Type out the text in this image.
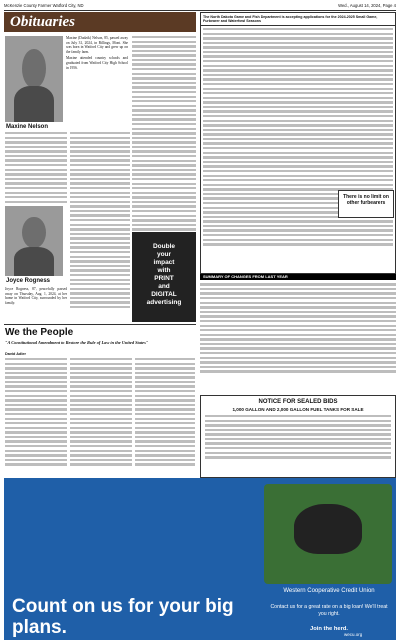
McKenzie County Farmer Watford City, ND	Wed., August 14, 2024, Page 4
Obituaries
Maxine Nelson

Maxine (Dudzik) Nelson, 85, passed away on July 31, 2024, in Billings, Mont. She was born in Watford City and grew up on the family farm.

Maxine attended country schools and graduated from Watford City High School in 1956.

Joyce Rogness
Joyce Rogness, 87, peacefully passed away on Thursday, Aug. 1, 2024, at her home in Watford City, surrounded by her family.
We the People
"A Constitutional Amendment to Restore the Rule of Law in the United States"
David Adler
Double
your
impact
with
PRINT
and
DIGITAL
advertising
The North Dakota Game and Fish Department is accepting applications for the 2024-2025 Small Game, Furbearer and Waterfowl Seasons
There is no limit on other furbearers
SUMMARY OF CHANGES FROM LAST YEAR
NOTICE FOR SEALED BIDS
1,000 GALLON AND 2,000 GALLON FUEL TANKS FOR SALE
Count on us for your big plans.
Western Cooperative Credit Union
Contact us for a great rate on a big loan! We'll treat you right.
Join the herd.
wecu.org
